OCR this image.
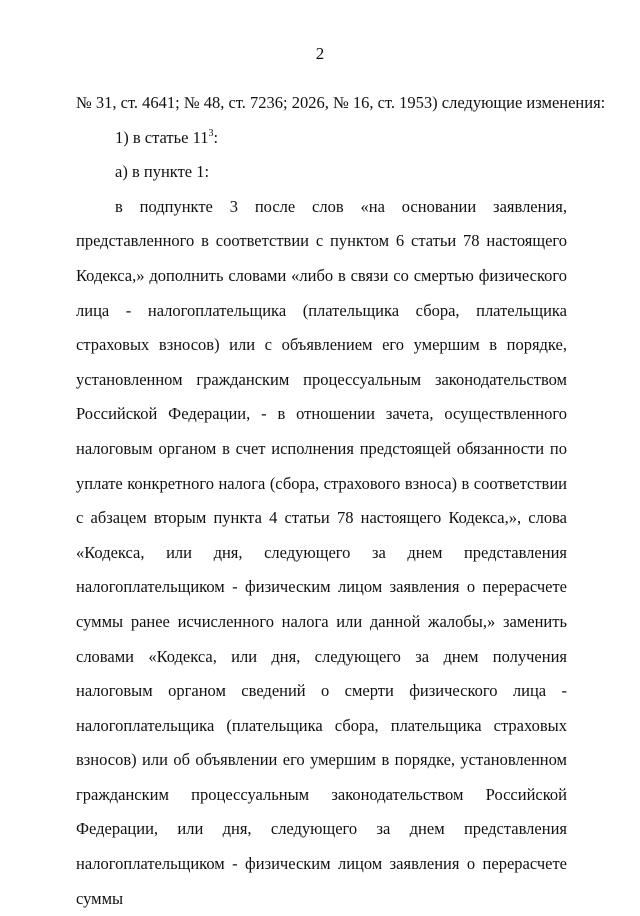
2

№ 31, ст. 4641; № 48, ст. 7236; 2026, № 16, ст. 1953) следующие изменения:

1) в статье $11^3$:

а) в пункте 1:

в подпункте 3 после слов «на основании заявления, представленного в соответствии с пунктом 6 статьи 78 настоящего Кодекса,» дополнить словами «либо в связи со смертью физического лица - налогоплательщика (плательщика сбора, плательщика страховых взносов) или с объявлением его умершим в порядке, установленном гражданским процессуальным законодательством Российской Федерации, - в отношении зачета, осуществленного налоговым органом в счет исполнения предстоящей обязанности по уплате конкретного налога (сбора, страхового взноса) в соответствии с абзацем вторым пункта 4 статьи 78 настоящего Кодекса,», слова «Кодекса, или дня, следующего за днем представления налогоплательщиком - физическим лицом заявления о перерасчете суммы ранее исчисленного налога или данной жалобы,» заменить словами «Кодекса, или дня, следующего за днем получения налоговым органом сведений о смерти физического лица - налогоплательщика (плательщика сбора, плательщика страховых взносов) или об объявлении его умершим в порядке, установленном гражданским процессуальным законодательством Российской Федерации, или дня, следующего за днем представления налогоплательщиком - физическим лицом заявления о перерасчете суммы
